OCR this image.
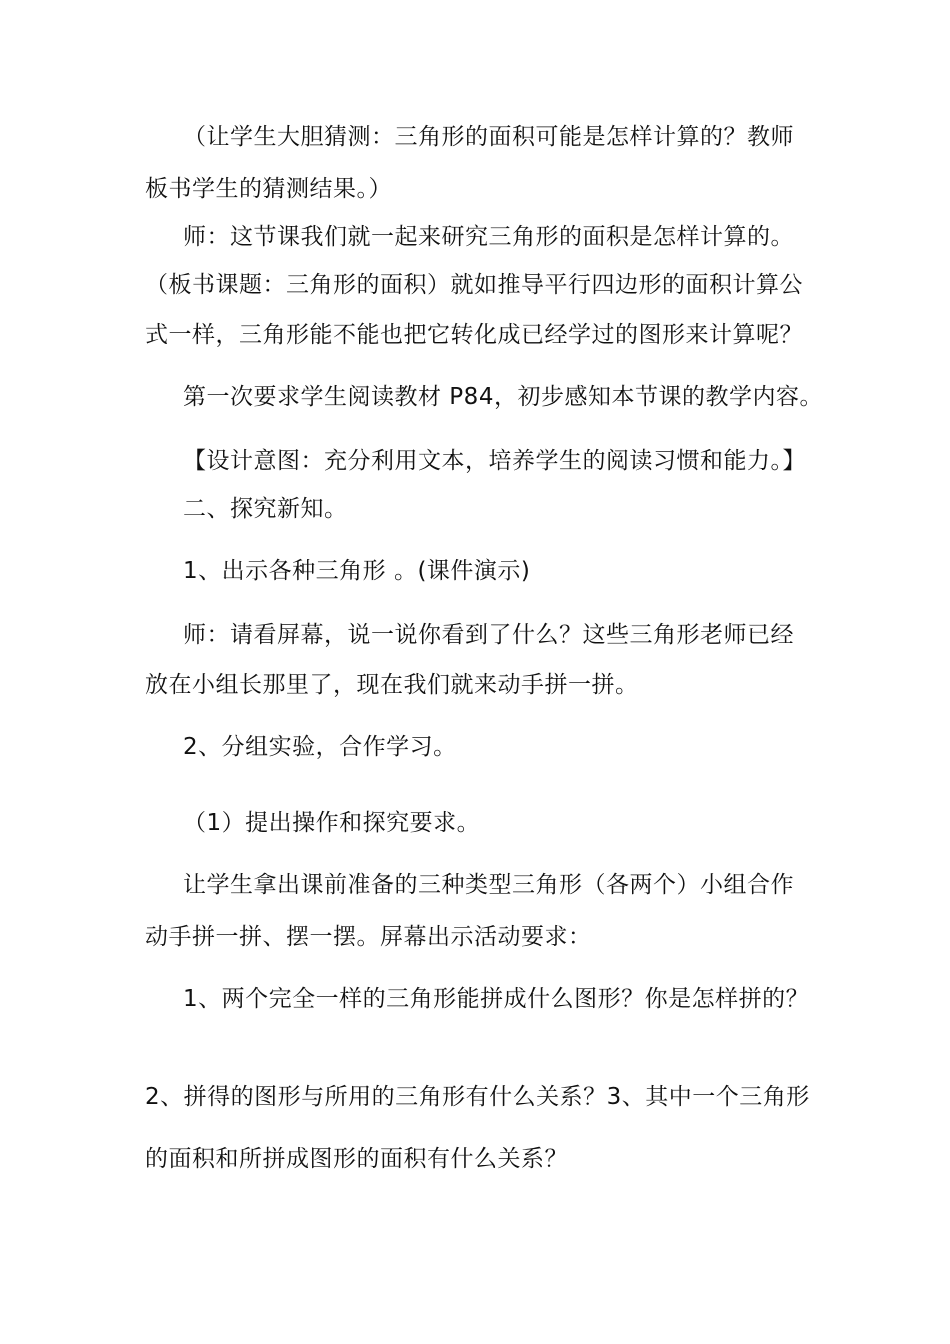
（让学生大胆猜测：三角形的面积可能是怎样计算的？教师
板书学生的猜测结果。）
师：这节课我们就一起来研究三角形的面积是怎样计算的。
（板书课题：三角形的面积）就如推导平行四边形的面积计算公
式一样，三角形能不能也把它转化成已经学过的图形来计算呢？
第一次要求学生阅读教材 P84，初步感知本节课的教学内容。
【设计意图：充分利用文本，培养学生的阅读习惯和能力。】
二、探究新知。
1、出示各种三角形 。(课件演示)
师：请看屏幕，说一说你看到了什么？这些三角形老师已经
放在小组长那里了，现在我们就来动手拼一拼。
2、分组实验，合作学习。
（1）提出操作和探究要求。
让学生拿出课前准备的三种类型三角形（各两个）小组合作
动手拼一拼、摆一摆。屏幕出示活动要求：
1、两个完全一样的三角形能拼成什么图形？你是怎样拼的？
2、拼得的图形与所用的三角形有什么关系？3、其中一个三角形
的面积和所拼成图形的面积有什么关系？
